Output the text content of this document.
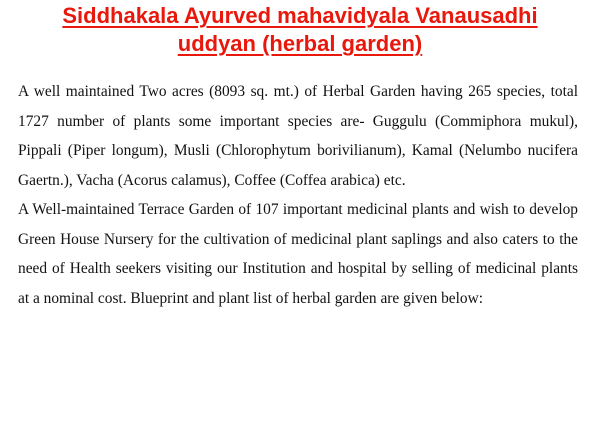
Siddhakala Ayurved mahavidyala Vanausadhi
uddyan (herbal garden)

A well maintained Two acres (8093 sq. mt.) of Herbal Garden having 265 species, total 1727 number of plants some important species are- Guggulu (Commiphora mukul), Pippali (Piper longum), Musli (Chlorophytum borivilianum), Kamal (Nelumbo nucifera Gaertn.), Vacha (Acorus calamus), Coffee (Coffea arabica) etc.

A Well-maintained Terrace Garden of 107 important medicinal plants and wish to develop Green House Nursery for the cultivation of medicinal plant saplings and also caters to the need of Health seekers visiting our Institution and hospital by selling of medicinal plants at a nominal cost. Blueprint and plant list of herbal garden are given below:
